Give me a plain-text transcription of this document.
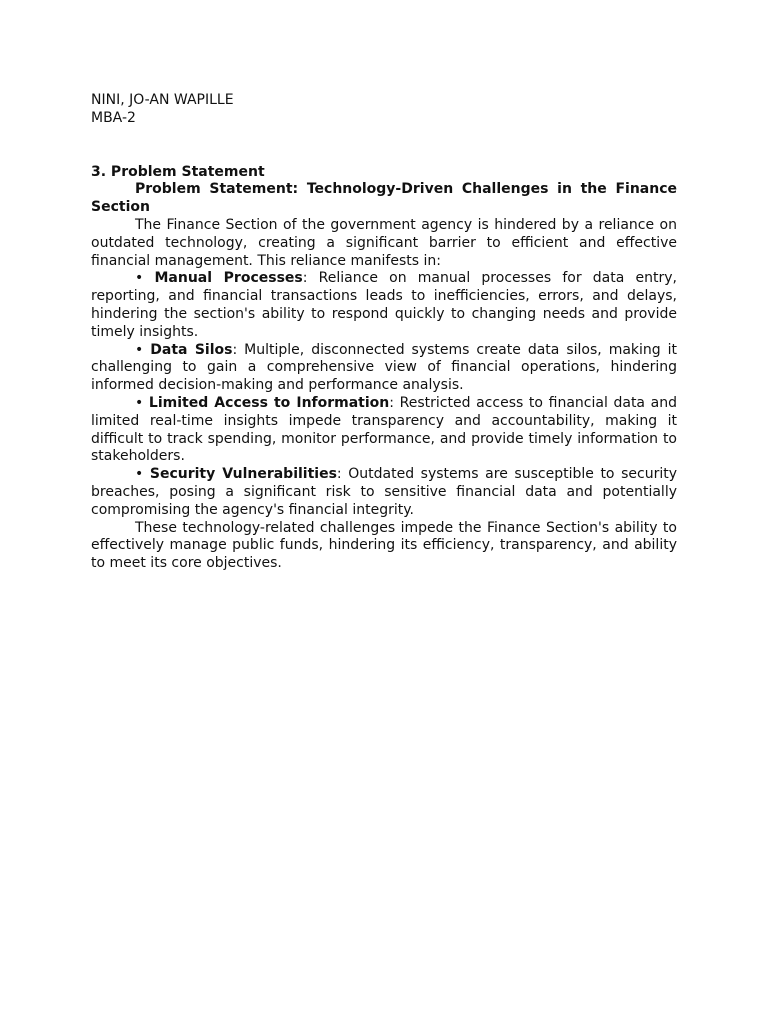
NINI, JO-AN WAPILLE

MBA-2

3. Problem Statement

Problem Statement: Technology-Driven Challenges in the Finance Section

The Finance Section of the government agency is hindered by a reliance on outdated technology, creating a significant barrier to efficient and effective financial management. This reliance manifests in:

• Manual Processes: Reliance on manual processes for data entry, reporting, and financial transactions leads to inefficiencies, errors, and delays, hindering the section's ability to respond quickly to changing needs and provide timely insights.

• Data Silos: Multiple, disconnected systems create data silos, making it challenging to gain a comprehensive view of financial operations, hindering informed decision-making and performance analysis.

• Limited Access to Information: Restricted access to financial data and limited real-time insights impede transparency and accountability, making it difficult to track spending, monitor performance, and provide timely information to stakeholders.

• Security Vulnerabilities: Outdated systems are susceptible to security breaches, posing a significant risk to sensitive financial data and potentially compromising the agency's financial integrity.

These technology-related challenges impede the Finance Section's ability to effectively manage public funds, hindering its efficiency, transparency, and ability to meet its core objectives.
